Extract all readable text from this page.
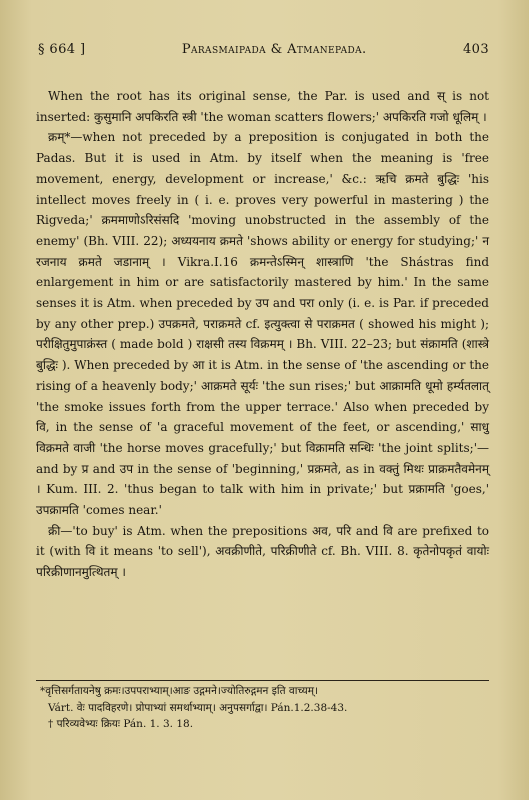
§ 664 ]	Parasmaipada & Atmanepada.	403

When the root has its original sense, the Par. is used and स् is not inserted: कुसुमानि अपकिरति स्त्री 'the woman scatters flowers;' अपकिरति गजो धूलिम् ।

क्रम्*—when not preceded by a preposition is conjugated in both the Padas. But it is used in Atm. by itself when the meaning is 'free movement, energy, development or increase,' &c.: ऋचि क्रमते बुद्धिः 'his intellect moves freely in ( i. e. proves very powerful in mastering ) the Rigveda;' क्रममाणोऽरिसंसदि 'moving unobstructed in the assembly of the enemy' (Bh. VIII. 22); अध्ययनाय क्रमते 'shows ability or energy for studying;' न रजनाय क्रमते जडानाम् । Vikra.I.16 क्रमन्तेऽस्मिन् शास्त्राणि 'the Shástras find enlargement in him or are satisfactorily mastered by him.' In the same senses it is Atm. when preceded by उप and परा only (i. e. is Par. if preceded by any other prep.) उपक्रमते, पराक्रमते cf. इत्युक्त्वा से पराक्रमत ( showed his might ); परीक्षितुमुपाक्रंस्त ( made bold ) राक्षसी तस्य विक्रमम् । Bh. VIII. 22–23; but संक्रामति (शास्त्रे बुद्धिः ). When preceded by आ it is Atm. in the sense of 'the ascending or the rising of a heavenly body;' आक्रमते सूर्यः 'the sun rises;' but आक्रामति धूमो हर्म्यतलात् 'the smoke issues forth from the upper terrace.' Also when preceded by वि, in the sense of 'a graceful movement of the feet, or ascending,' साधु विक्रमते वाजी 'the horse moves gracefully;' but विक्रामति सन्धिः 'the joint splits;'—and by प्र and उप in the sense of 'beginning,' प्रक्रमते, as in वक्तुं मिथः प्राक्रमतैवमेनम् । Kum. III. 2. 'thus began to talk with him in private;' but प्रक्रामति 'goes,' उपक्रामति 'comes near.'

क्री—'to buy' is Atm. when the prepositions अव, परि and वि are prefixed to it (with वि it means 'to sell'), अवक्रीणीते, परिक्रीणीते cf. Bh. VIII. 8. कृतेनोपकृतं वायोः परिक्रीणानमुत्थितम् ।

*वृत्तिसर्गतायनेषु क्रमः।उपपराभ्याम्।आङ उद्गमने।ज्योतिरुद्गमन इति वाच्यम्।
Várt. वेः पादविहरणे। प्रोपाभ्यां समर्थाभ्याम्। अनुपसर्गाद्वा। Pán.1.2.38-43.
† परिव्यवेभ्यः क्रियः Pán. 1. 3. 18.
